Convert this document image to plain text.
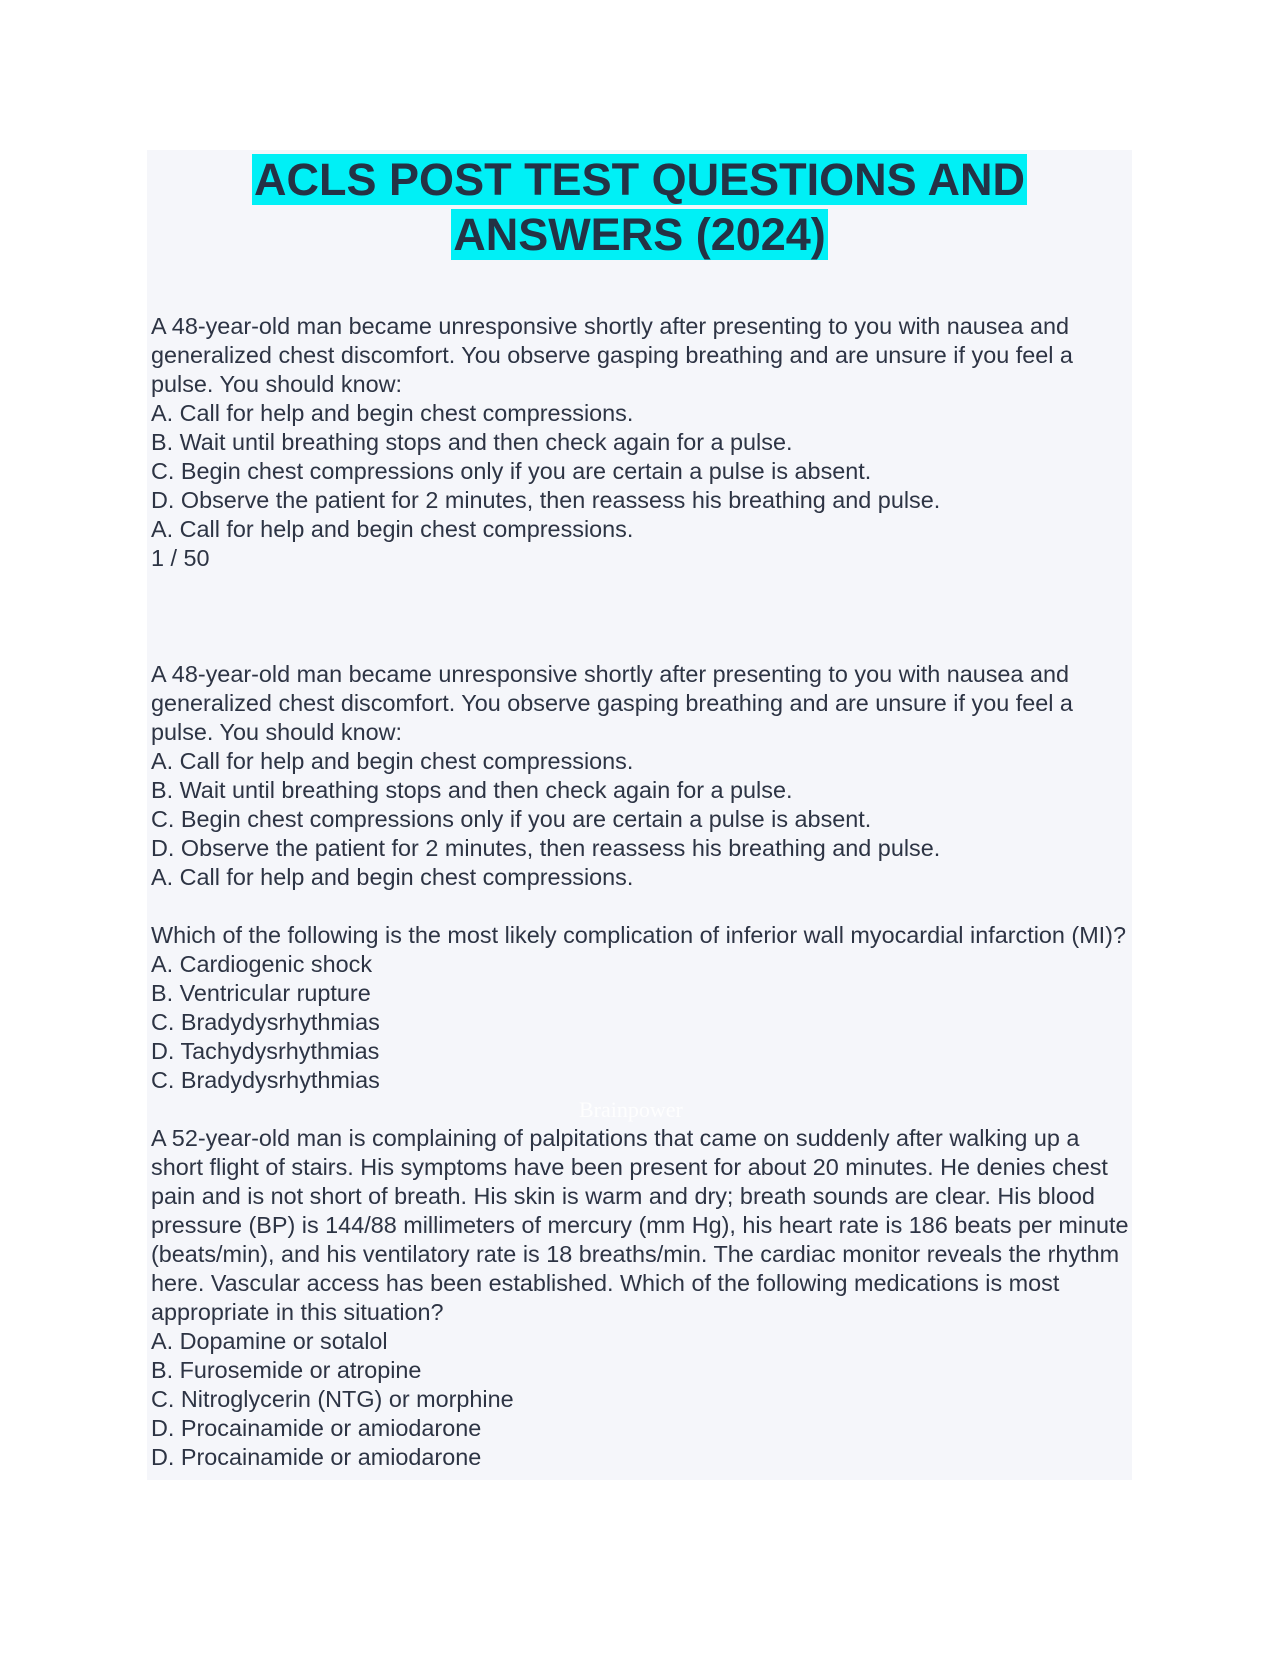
ACLS POST TEST QUESTIONS AND
ANSWERS (2024)

A 48-year-old man became unresponsive shortly after presenting to you with nausea and generalized chest discomfort. You observe gasping breathing and are unsure if you feel a pulse. You should know:

A. Call for help and begin chest compressions.

B. Wait until breathing stops and then check again for a pulse.

C. Begin chest compressions only if you are certain a pulse is absent.

D. Observe the patient for 2 minutes, then reassess his breathing and pulse.

A. Call for help and begin chest compressions.

1 / 50

A 48-year-old man became unresponsive shortly after presenting to you with nausea and generalized chest discomfort. You observe gasping breathing and are unsure if you feel a pulse. You should know:

A. Call for help and begin chest compressions.

B. Wait until breathing stops and then check again for a pulse.

C. Begin chest compressions only if you are certain a pulse is absent.

D. Observe the patient for 2 minutes, then reassess his breathing and pulse.

A. Call for help and begin chest compressions.

Which of the following is the most likely complication of inferior wall myocardial infarction (MI)?

A. Cardiogenic shock

B. Ventricular rupture

C. Bradydysrhythmias

D. Tachydysrhythmias

C. Bradydysrhythmias

A 52-year-old man is complaining of palpitations that came on suddenly after walking up a short flight of stairs. His symptoms have been present for about 20 minutes. He denies chest pain and is not short of breath. His skin is warm and dry; breath sounds are clear. His blood pressure (BP) is 144/88 millimeters of mercury (mm Hg), his heart rate is 186 beats per minute (beats/min), and his ventilatory rate is 18 breaths/min. The cardiac monitor reveals the rhythm here. Vascular access has been established. Which of the following medications is most appropriate in this situation?

A. Dopamine or sotalol

B. Furosemide or atropine

C. Nitroglycerin (NTG) or morphine

D. Procainamide or amiodarone

D. Procainamide or amiodarone

Brainpower
